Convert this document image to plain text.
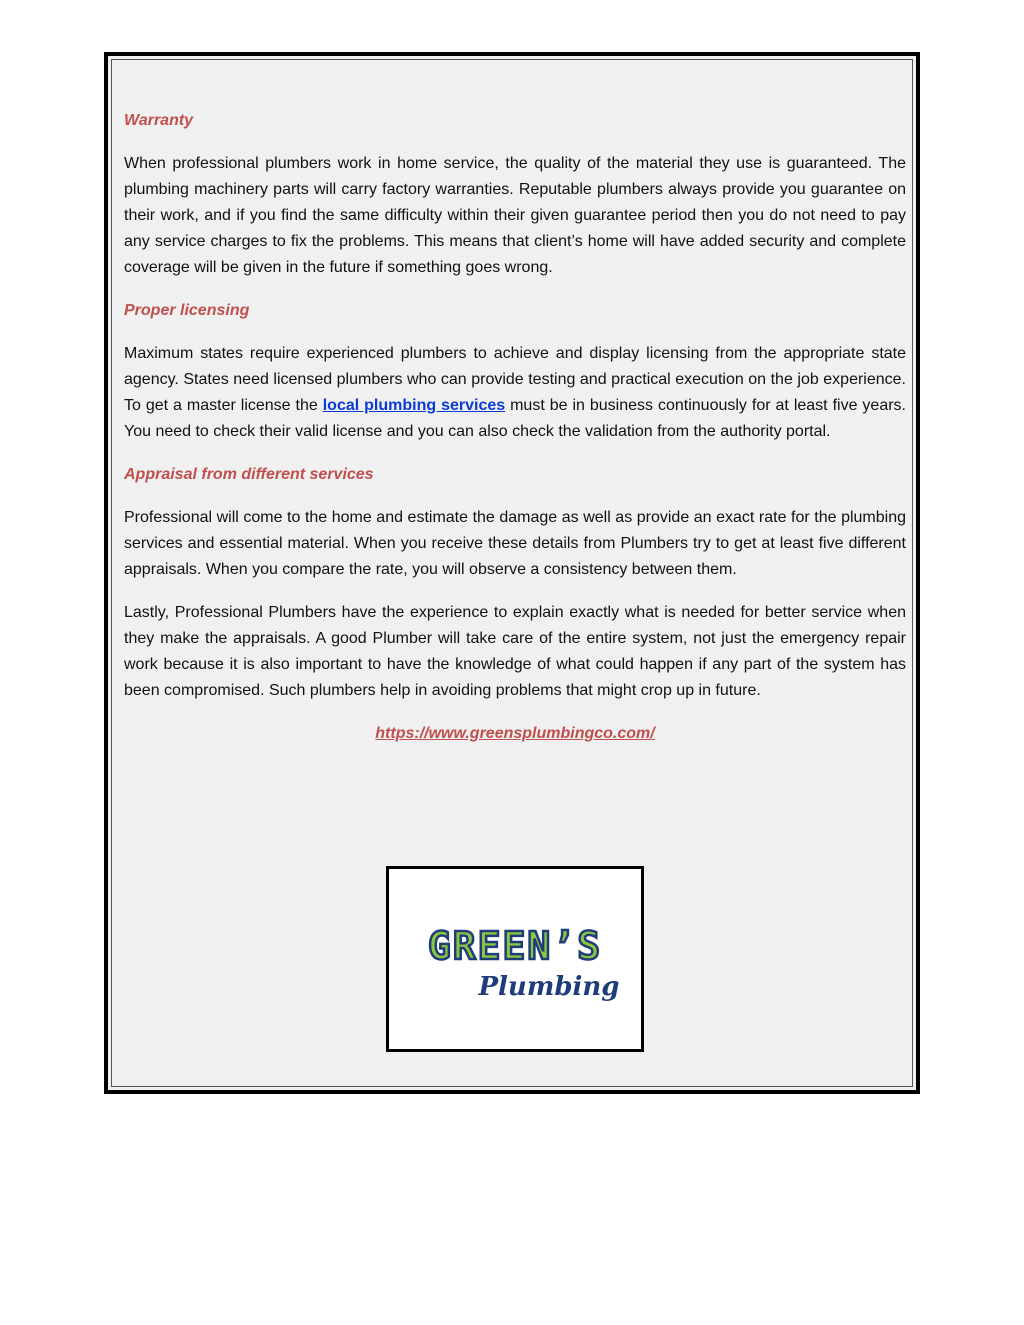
Warranty

When professional plumbers work in home service, the quality of the material they use is guaranteed. The plumbing machinery parts will carry factory warranties. Reputable plumbers always provide you guarantee on their work, and if you find the same difficulty within their given guarantee period then you do not need to pay any service charges to fix the problems. This means that client’s home will have added security and complete coverage will be given in the future if something goes wrong.

Proper licensing

Maximum states require experienced plumbers to achieve and display licensing from the appropriate state agency. States need licensed plumbers who can provide testing and practical execution on the job experience. To get a master license the local plumbing services must be in business continuously for at least five years. You need to check their valid license and you can also check the validation from the authority portal.

Appraisal from different services

Professional will come to the home and estimate the damage as well as provide an exact rate for the plumbing services and essential material. When you receive these details from Plumbers try to get at least five different appraisals. When you compare the rate, you will observe a consistency between them.

Lastly, Professional Plumbers have the experience to explain exactly what is needed for better service when they make the appraisals. A good Plumber will take care of the entire system, not just the emergency repair work because it is also important to have the knowledge of what could happen if any part of the system has been compromised. Such plumbers help in avoiding problems that might crop up in future.

https://www.greensplumbingco.com/
GREEN’S
Plumbing
